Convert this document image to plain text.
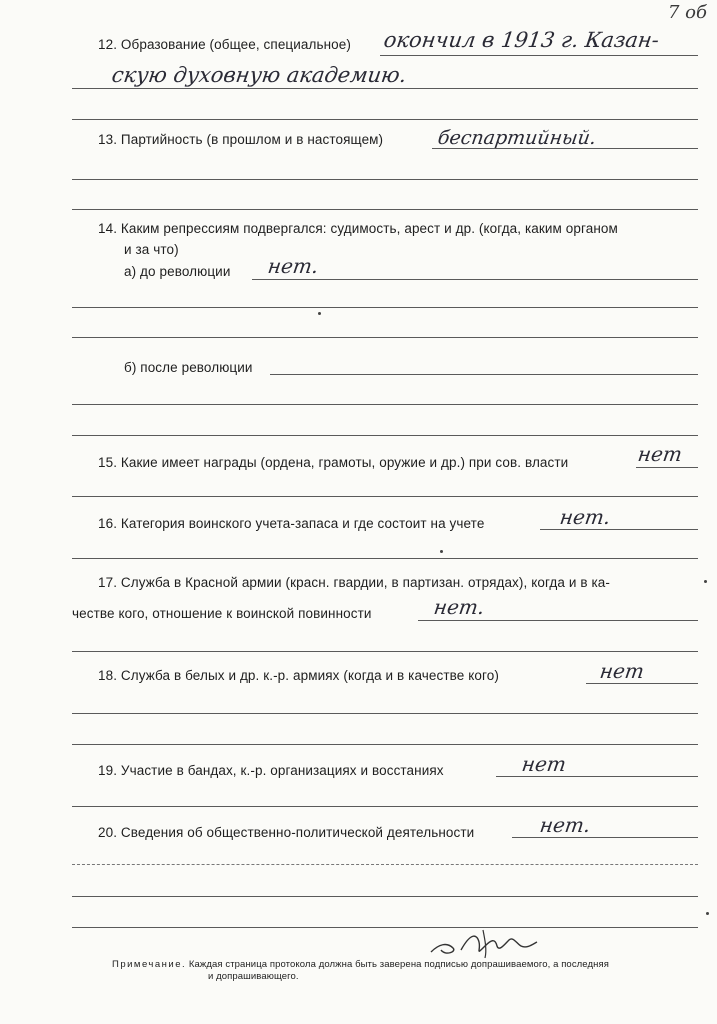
7 об
12. Образование (общее, специальное) окончил в 1913 г. Казан-
скую духовную академию.
13. Партийность (в прошлом и в настоящем)	беспартийный.
14. Каким репрессиям подвергался: судимость, арест и др. (когда, каким органом
и за что)
а) до революции нет.
б) после революции
15. Какие имеет награды (ордена, грамоты, оружие и др.) при сов. власти	нет
16. Категория воинского учета-запаса и где состоит на учете	нет.
17. Служба в Красной армии (красн. гвардии, в партизан. отрядах), когда и в ка-
честве кого, отношение к воинской повинности	нет.
18. Служба в белых и др. к.-р. армиях (когда и в качестве кого)	нет
19. Участие в бандах, к.-р. организациях и восстаниях	нет
20. Сведения об общественно-политической деятельности	нет.
Примечание. Каждая страница протокола должна быть заверена подписью допрашиваемого, а последняя
и допрашивающего.
